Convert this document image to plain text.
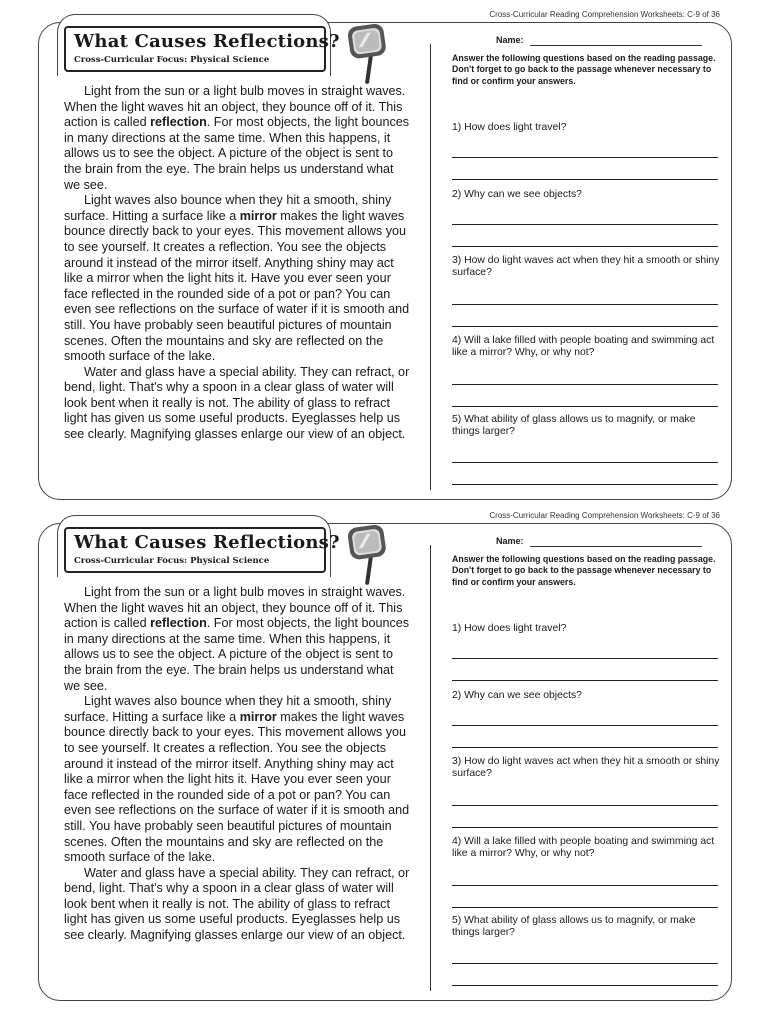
Cross-Curricular Reading Comprehension Worksheets: C-9 of 36
What Causes Reflections?
Cross-Curricular Focus: Physical Science

Light from the sun or a light bulb moves in straight waves. When the light waves hit an object, they bounce off of it. This action is called reflection. For most objects, the light bounces in many directions at the same time. When this happens, it allows us to see the object. A picture of the object is sent to the brain from the eye. The brain helps us understand what we see.

Light waves also bounce when they hit a smooth, shiny surface. Hitting a surface like a mirror makes the light waves bounce directly back to your eyes. This movement allows you to see yourself. It creates a reflection. You see the objects around it instead of the mirror itself. Anything shiny may act like a mirror when the light hits it. Have you ever seen your face reflected in the rounded side of a pot or pan? You can even see reflections on the surface of water if it is smooth and still. You have probably seen beautiful pictures of mountain scenes. Often the mountains and sky are reflected on the smooth surface of the lake.

Water and glass have a special ability. They can refract, or bend, light. That's why a spoon in a clear glass of water will look bent when it really is not. The ability of glass to refract light has given us some useful products. Eyeglasses help us see clearly. Magnifying glasses enlarge our view of an object.

Name:
Answer the following questions based on the reading passage. Don't forget to go back to the passage whenever necessary to find or confirm your answers.
1) How does light travel?
2) Why can we see objects?
3) How do light waves act when they hit a smooth or shiny surface?
4) Will a lake filled with people boating and swimming act like a mirror? Why, or why not?
5) What ability of glass allows us to magnify, or make things larger?
Cross-Curricular Reading Comprehension Worksheets: C-9 of 36
What Causes Reflections?
Cross-Curricular Focus: Physical Science

Light from the sun or a light bulb moves in straight waves. When the light waves hit an object, they bounce off of it. This action is called reflection. For most objects, the light bounces in many directions at the same time. When this happens, it allows us to see the object. A picture of the object is sent to the brain from the eye. The brain helps us understand what we see.

Light waves also bounce when they hit a smooth, shiny surface. Hitting a surface like a mirror makes the light waves bounce directly back to your eyes. This movement allows you to see yourself. It creates a reflection. You see the objects around it instead of the mirror itself. Anything shiny may act like a mirror when the light hits it. Have you ever seen your face reflected in the rounded side of a pot or pan? You can even see reflections on the surface of water if it is smooth and still. You have probably seen beautiful pictures of mountain scenes. Often the mountains and sky are reflected on the smooth surface of the lake.

Water and glass have a special ability. They can refract, or bend, light. That's why a spoon in a clear glass of water will look bent when it really is not. The ability of glass to refract light has given us some useful products. Eyeglasses help us see clearly. Magnifying glasses enlarge our view of an object.

Name:
Answer the following questions based on the reading passage. Don't forget to go back to the passage whenever necessary to find or confirm your answers.
1) How does light travel?
2) Why can we see objects?
3) How do light waves act when they hit a smooth or shiny surface?
4) Will a lake filled with people boating and swimming act like a mirror? Why, or why not?
5) What ability of glass allows us to magnify, or make things larger?
